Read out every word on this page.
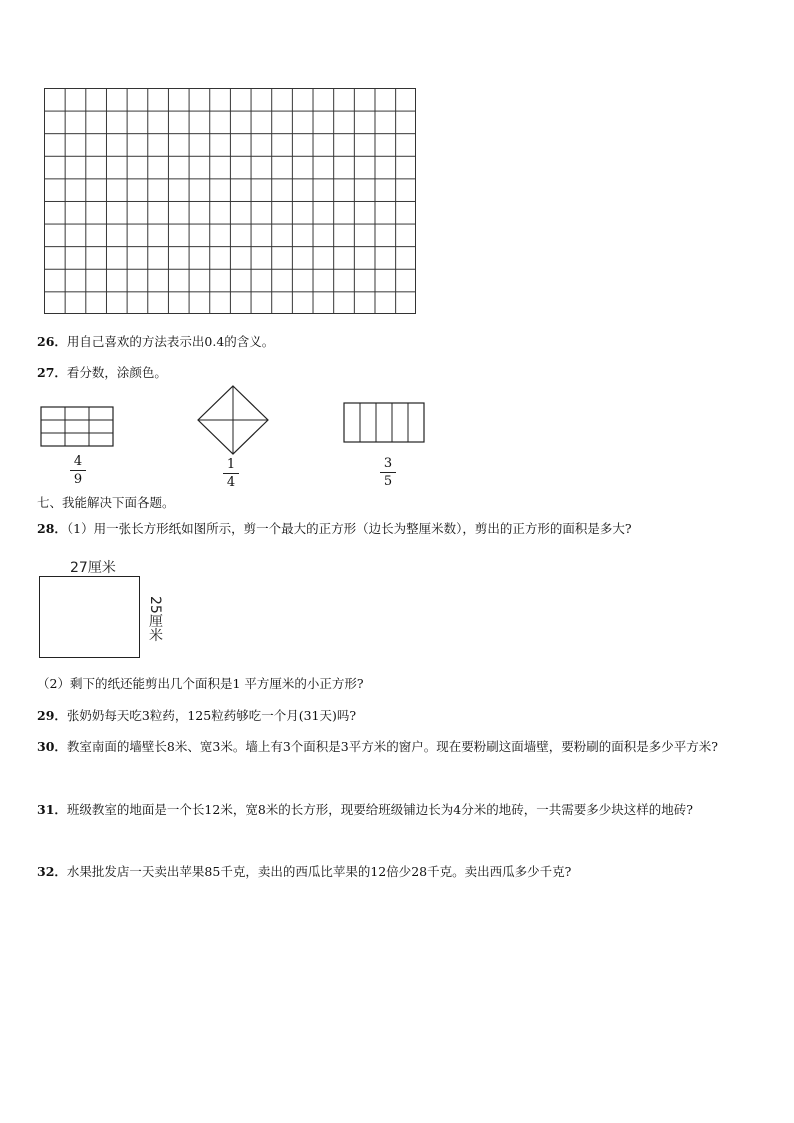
26．用自己喜欢的方法表示出0.4的含义。
27．看分数，涂颜色。
4
9
1
4
3
5
七、我能解决下面各题。
28．（1）用一张长方形纸如图所示，剪一个最大的正方形（边长为整厘米数），剪出的正方形的面积是多大?
27厘米
25厘米
（2）剩下的纸还能剪出几个面积是1 平方厘米的小正方形?
29．张奶奶每天吃3粒药，125粒药够吃一个月(31天)吗?
30．教室南面的墙壁长8米、宽3米。墙上有3个面积是3平方米的窗户。现在要粉刷这面墙壁，要粉刷的面积是多少平方米?
31．班级教室的地面是一个长12米，宽8米的长方形，现要给班级铺边长为4分米的地砖，一共需要多少块这样的地砖?
32．水果批发店一天卖出苹果85千克，卖出的西瓜比苹果的12倍少28千克。卖出西瓜多少千克?
